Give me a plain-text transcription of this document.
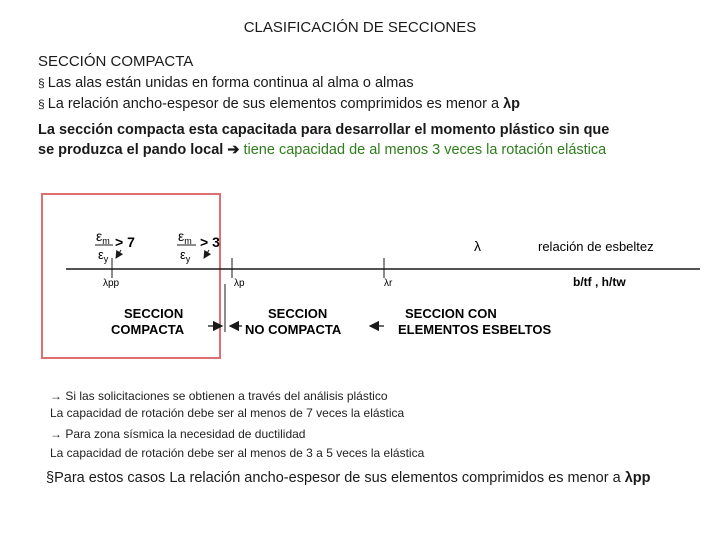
CLASIFICACIÓN DE SECCIONES
SECCIÓN COMPACTA
§ Las alas están unidas en forma continua al alma o almas
§ La relación ancho-espesor de sus elementos comprimidos es menor a λp
La sección compacta esta capacitada para desarrollar el momento plástico sin que
se produzca el pando local ➔ tiene capacidad de al menos 3 veces la rotación elástica
$\varepsilon_m$
$\varepsilon_y$
> 7	$\varepsilon_m$
$\varepsilon_y$
> 3	λ	relación de esbeltez
λpp	λp	λr	b/tf , h/tw
SECCION
COMPACTA
SECCION
NO COMPACTA
SECCION CON
ELEMENTOS ESBELTOS
→ Si las solicitaciones se obtienen a través del análisis plástico
La capacidad de rotación debe ser al menos de 7 veces la elástica
→ Para zona sísmica la necesidad de ductilidad
La capacidad de rotación debe ser al menos de 3 a 5 veces la elástica
§Para estos casos La relación ancho-espesor de sus elementos comprimidos es menor a λpp
